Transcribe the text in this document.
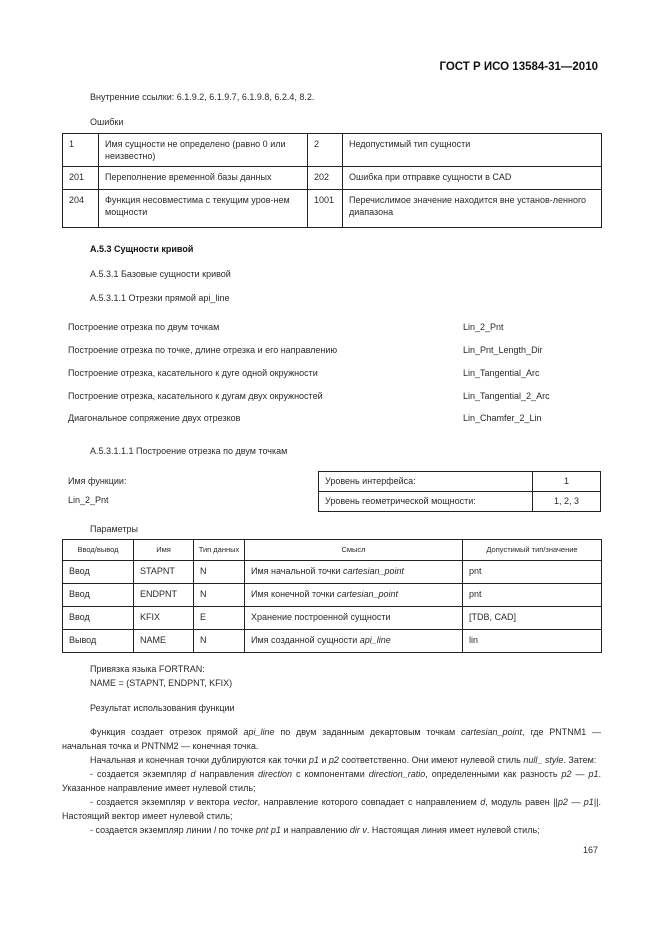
ГОСТ Р ИСО 13584-31—2010
Внутренние ссылки: 6.1.9.2, 6.1.9.7, 6.1.9.8, 6.2.4, 8.2.
Ошибки
1	Имя сущности не определено (равно 0 или неизвестно)	2	Недопустимый тип сущности
201	Переполнение временной базы данных	202	Ошибка при отправке сущности в CAD
204	Функция несовместима с текущим уров-нем мощности	1001	Перечислимое значение находится вне установ-ленного диапазона
А.5.3 Сущности кривой
А.5.3.1 Базовые сущности кривой
А.5.3.1.1 Отрезки прямой api_line
Построение отрезка по двум точкам	Lin_2_Pnt
Построение отрезка по точке, длине отрезка и его направлению	Lin_Pnt_Length_Dir
Построение отрезка, касательного к дуге одной окружности	Lin_Tangential_Arc
Построение отрезка, касательного к дугам двух окружностей	Lin_Tangential_2_Arc
Диагональное сопряжение двух отрезков	Lin_Chamfer_2_Lin
А.5.3.1.1.1 Построение отрезка по двум точкам
Имя функции:
Lin_2_Pnt
Уровень интерфейса:	1
Уровень геометрической мощности:	1, 2, 3
Параметры
Ввод/вывод	Имя	Тип данных	Смысл	Допустимый тип/значение
Ввод	STAPNT	N	Имя начальной точки cartesian_point	pnt
Ввод	ENDPNT	N	Имя конечной точки cartesian_point	pnt
Ввод	KFIX	E	Хранение построенной сущности	[TDB, CAD]
Вывод	NAME	N	Имя созданной сущности api_line	lin
Привязка языка FORTRAN:
NAME = (STAPNT, ENDPNT, KFIX)
Результат использования функции

Функция создает отрезок прямой api_line по двум заданным декартовым точкам cartesian_point, где PNTNM1 — начальная точка и PNTNM2 — конечная точка.

Начальная и конечная точки дублируются как точки p1 и p2 соответственно. Они имеют нулевой стиль null_ style. Затем:

- создается экземпляр d направления direction с компонентами direction_ratio, определенными как разность p2 — p1. Указанное направление имеет нулевой стиль;

- создается экземпляр v вектора vector, направление которого совпадает с направлением d, модуль равен ||p2 — p1||. Настоящий вектор имеет нулевой стиль;

- создается экземпляр линии l по точке pnt p1 и направлению dir v. Настоящая линия имеет нулевой стиль;

167
